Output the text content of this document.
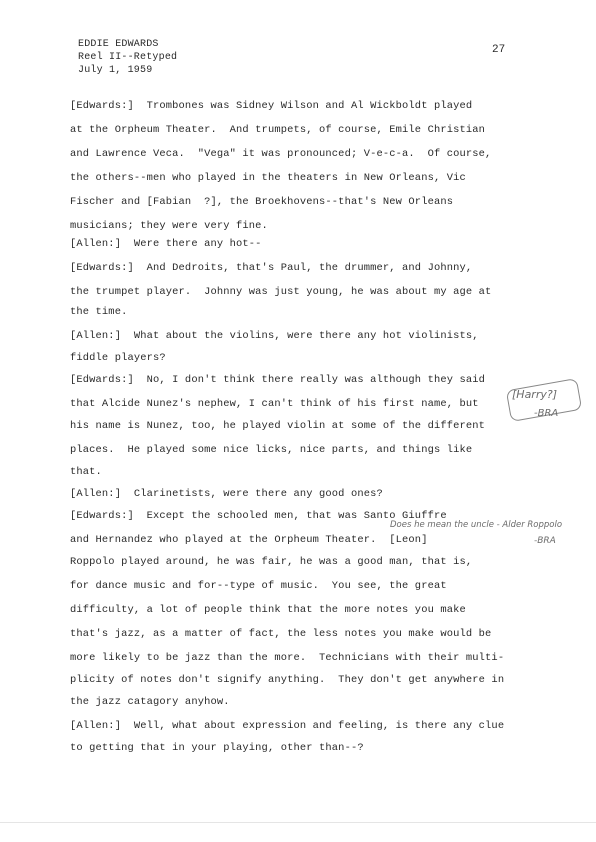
EDDIE EDWARDS
Reel II--Retyped
July 1, 1959
27
[Edwards:]  Trombones was Sidney Wilson and Al Wickboldt played
at the Orpheum Theater.  And trumpets, of course, Emile Christian
and Lawrence Veca.  "Vega" it was pronounced; V-e-c-a.  Of course,
the others--men who played in the theaters in New Orleans, Vic
Fischer and [Fabian  ?], the Broekhovens--that's New Orleans
musicians; they were very fine.
[Allen:]  Were there any hot--
[Edwards:]  And Dedroits, that's Paul, the drummer, and Johnny,
the trumpet player.  Johnny was just young, he was about my age at
the time.
[Allen:]  What about the violins, were there any hot violinists,
fiddle players?
[Edwards:]  No, I don't think there really was although they said
that Alcide Nunez's nephew, I can't think of his first name, but
his name is Nunez, too, he played violin at some of the different
places.  He played some nice licks, nice parts, and things like
that.
[Allen:]  Clarinetists, were there any good ones?
[Edwards:]  Except the schooled men, that was Santo Giuffre
and Hernandez who played at the Orpheum Theater.  [Leon]
Roppolo played around, he was fair, he was a good man, that is,
for dance music and for--type of music.  You see, the great
difficulty, a lot of people think that the more notes you make
that's jazz, as a matter of fact, the less notes you make would be
more likely to be jazz than the more.  Technicians with their multi-
plicity of notes don't signify anything.  They don't get anywhere in
the jazz catagory anyhow.
[Allen:]  Well, what about expression and feeling, is there any clue
to getting that in your playing, other than--?
[Harry?]
-BRA
Does he mean the uncle - Alder Roppolo
-BRA
